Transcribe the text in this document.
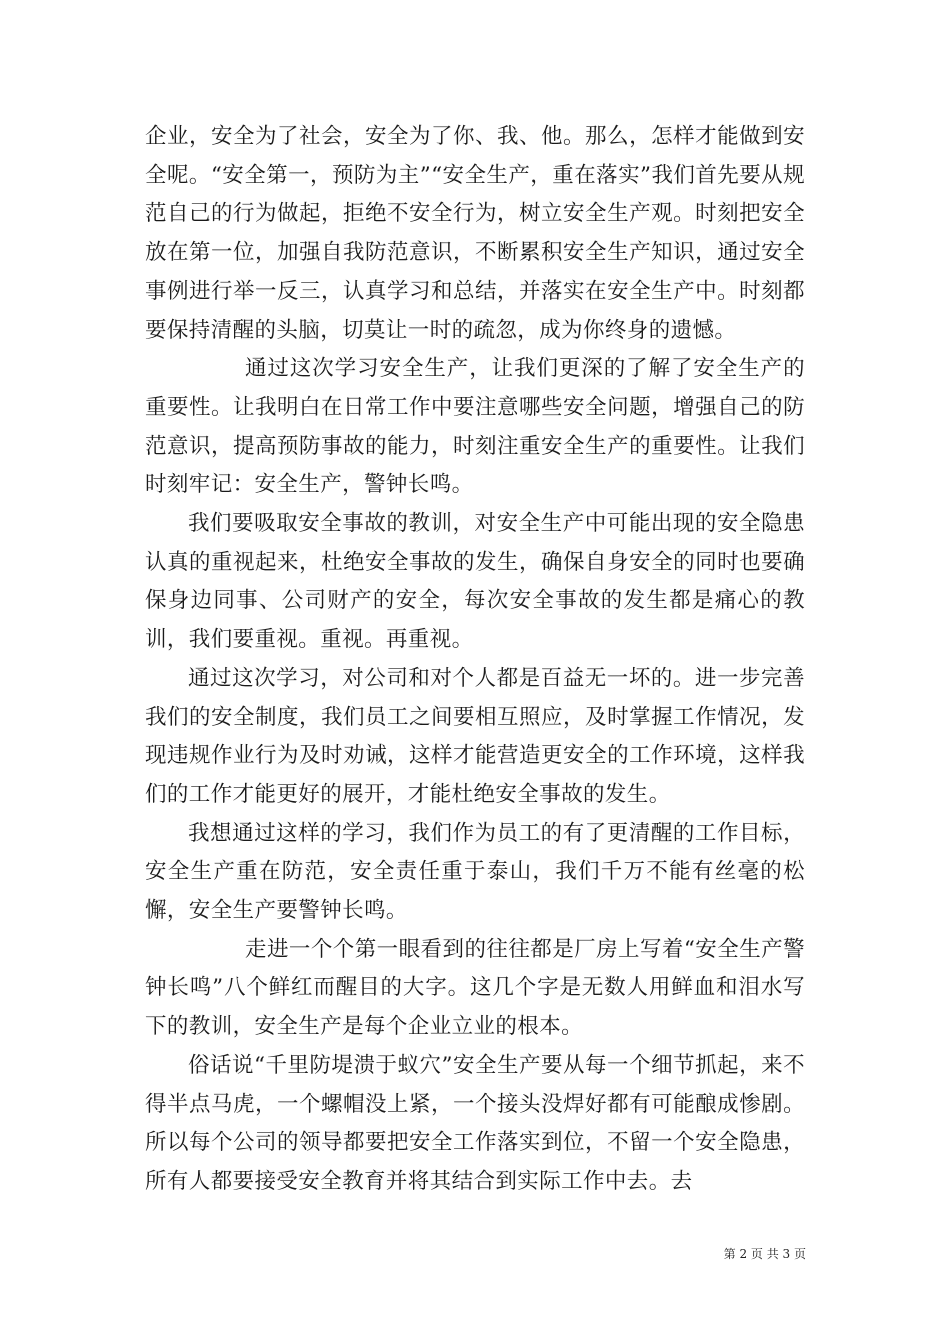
企业，安全为了社会，安全为了你、我、他。那么，怎样才能做到安全呢。“安全第一，预防为主”“安全生产，重在落实”我们首先要从规范自己的行为做起，拒绝不安全行为，树立安全生产观。时刻把安全放在第一位，加强自我防范意识，不断累积安全生产知识，通过安全事例进行举一反三，认真学习和总结，并落实在安全生产中。时刻都要保持清醒的头脑，切莫让一时的疏忽，成为你终身的遗憾。

通过这次学习安全生产，让我们更深的了解了安全生产的重要性。让我明白在日常工作中要注意哪些安全问题，增强自己的防范意识，提高预防事故的能力，时刻注重安全生产的重要性。让我们时刻牢记：安全生产，警钟长鸣。

我们要吸取安全事故的教训，对安全生产中可能出现的安全隐患认真的重视起来，杜绝安全事故的发生，确保自身安全的同时也要确保身边同事、公司财产的安全，每次安全事故的发生都是痛心的教训，我们要重视。重视。再重视。

通过这次学习，对公司和对个人都是百益无一坏的。进一步完善我们的安全制度，我们员工之间要相互照应，及时掌握工作情况，发现违规作业行为及时劝诫，这样才能营造更安全的工作环境，这样我们的工作才能更好的展开，才能杜绝安全事故的发生。

我想通过这样的学习，我们作为员工的有了更清醒的工作目标，安全生产重在防范，安全责任重于泰山，我们千万不能有丝毫的松懈，安全生产要警钟长鸣。

走进一个个第一眼看到的往往都是厂房上写着“安全生产警钟长鸣”八个鲜红而醒目的大字。这几个字是无数人用鲜血和泪水写下的教训，安全生产是每个企业立业的根本。

俗话说“千里防堤溃于蚁穴”安全生产要从每一个细节抓起，来不得半点马虎，一个螺帽没上紧，一个接头没焊好都有可能酿成惨剧。所以每个公司的领导都要把安全工作落实到位，不留一个安全隐患，所有人都要接受安全教育并将其结合到实际工作中去。去

第 2 页 共 3 页
